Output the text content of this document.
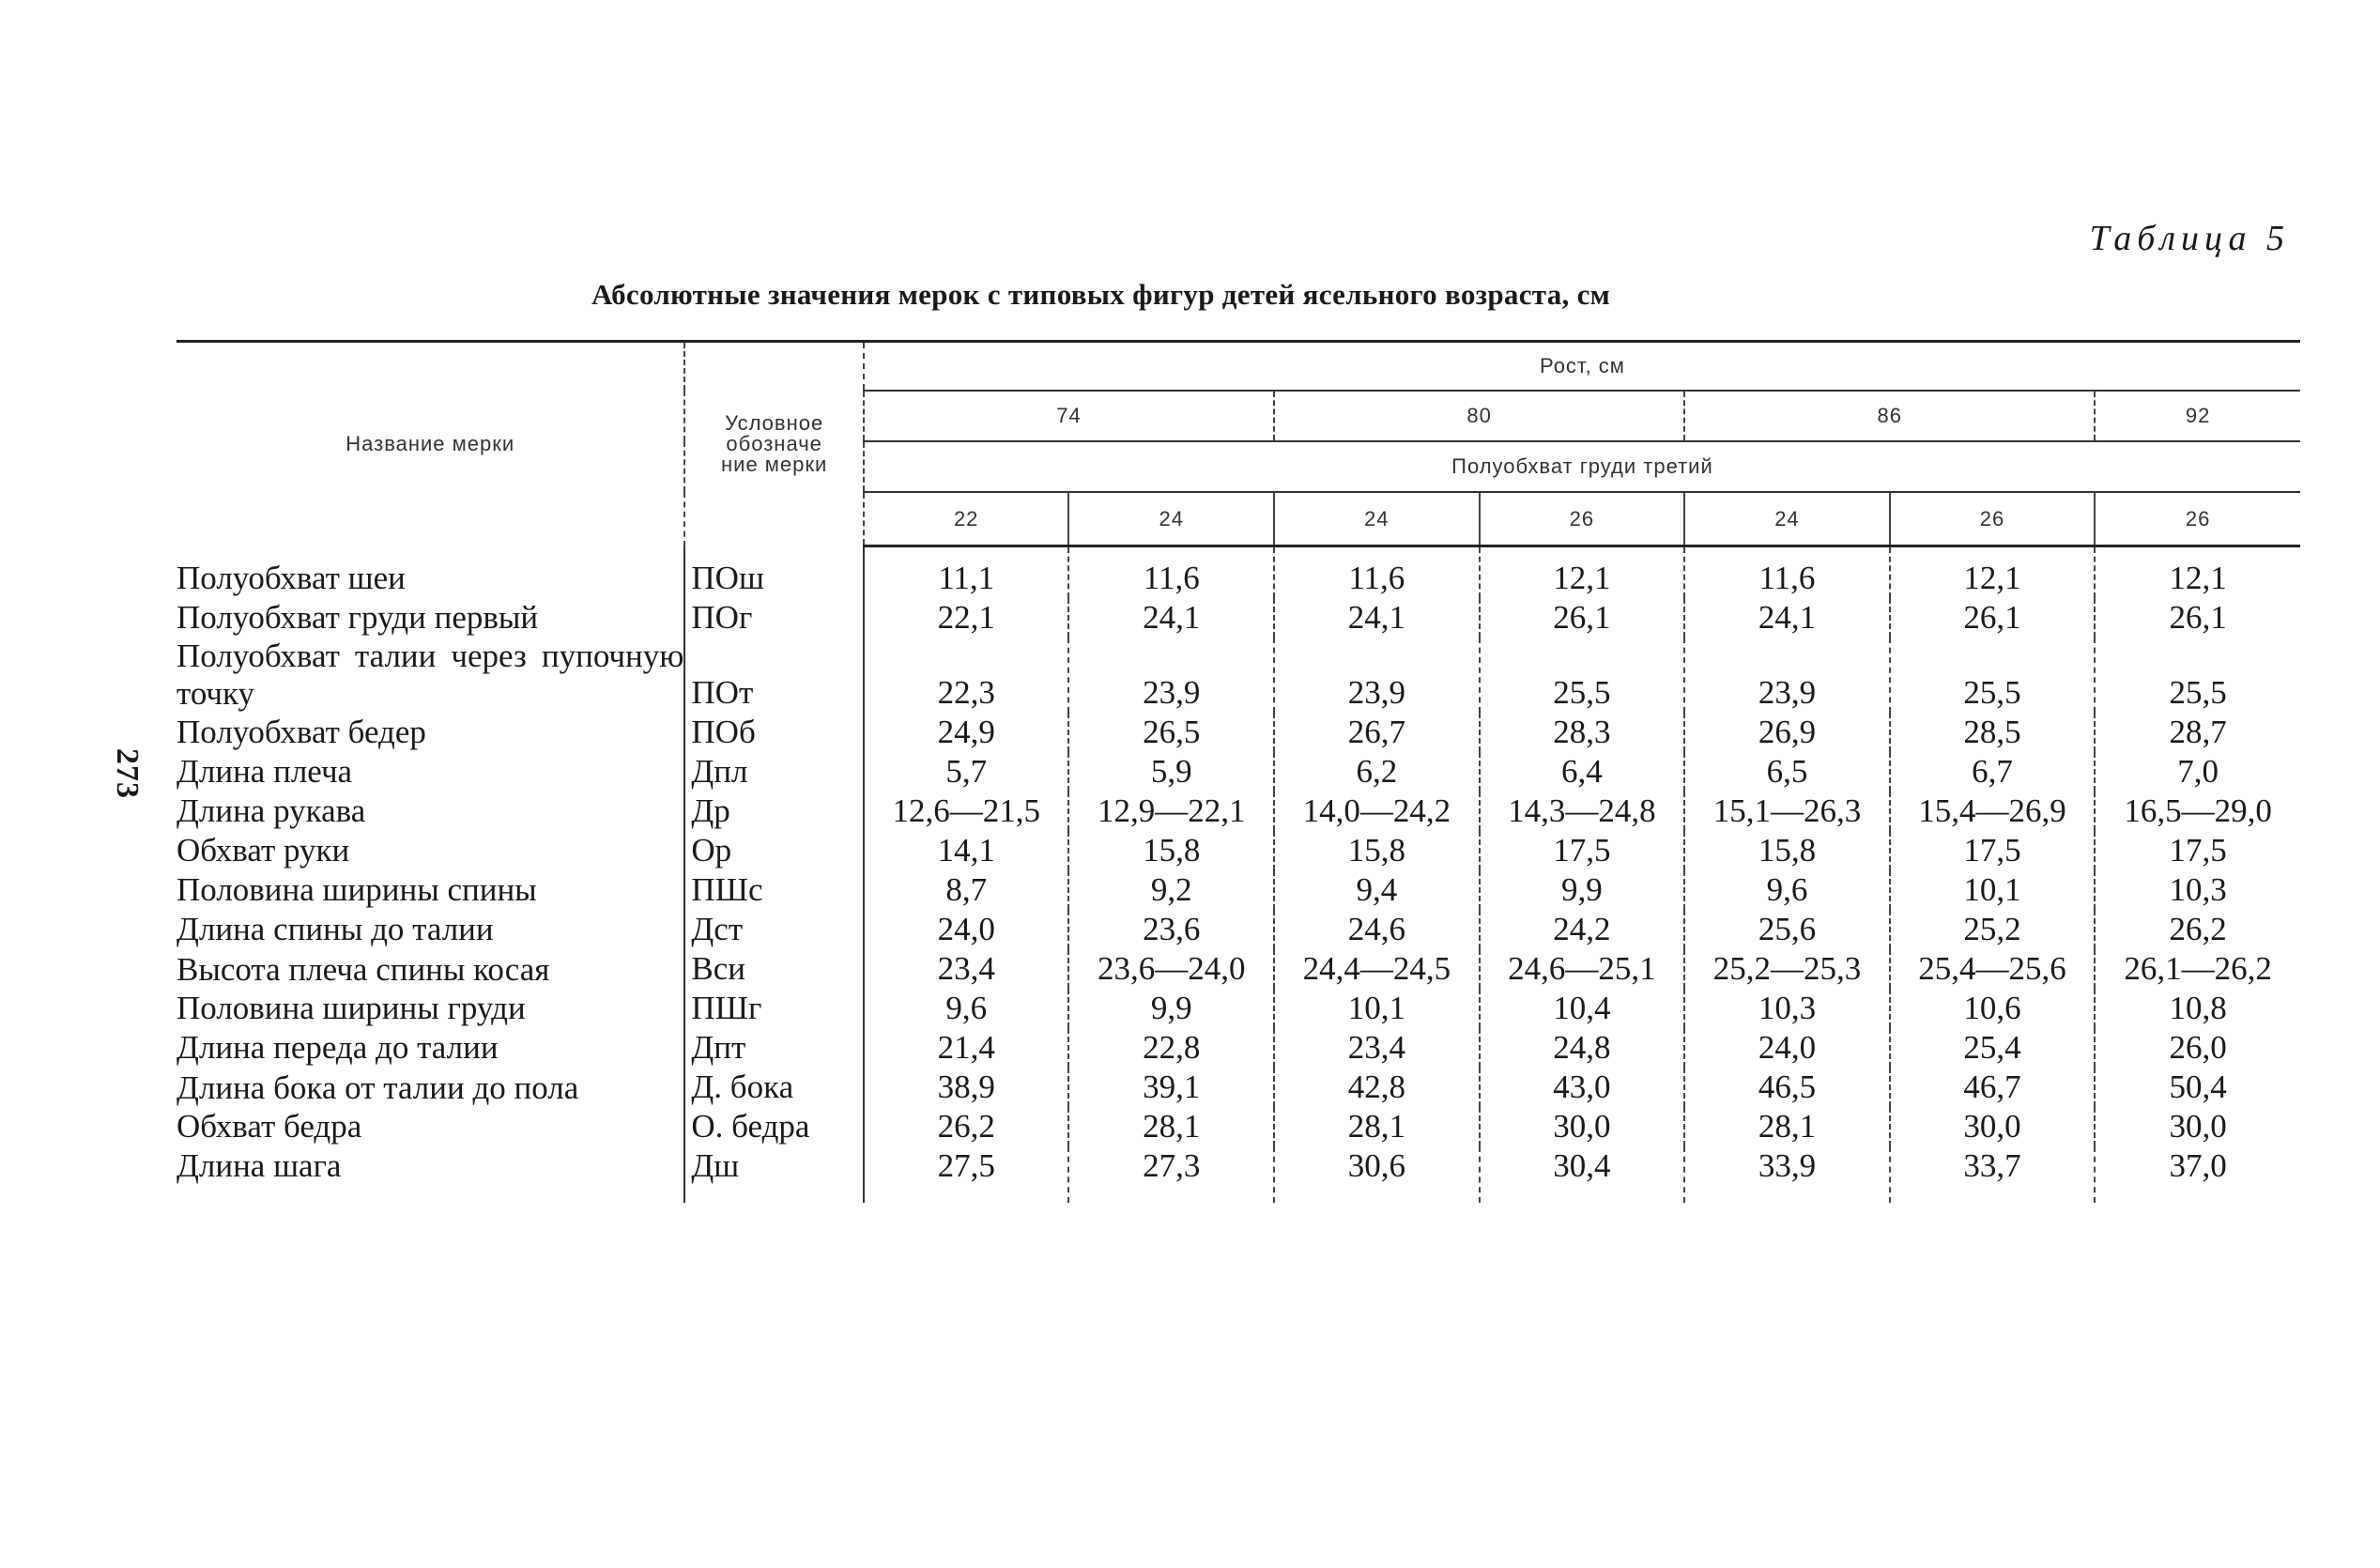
273
Таблица 5
Абсолютные значения мерок с типовых фигур детей ясельного возраста, см
Название мерки	Условное
обозначе
ние мерки	Рост, см						
		74		80		86		92
		Полуобхват груди третий						
		22	24	24	26	24	26	26
Полуобхват шеи	ПОш	11,1	11,6	11,6	12,1	11,6	12,1	12,1
Полуобхват груди первый	ПОг	22,1	24,1	24,1	26,1	24,1	26,1	26,1
Полуобхват талии через пупочную точку	ПОт	22,3	23,9	23,9	25,5	23,9	25,5	25,5
Полуобхват бедер	ПОб	24,9	26,5	26,7	28,3	26,9	28,5	28,7
Длина плеча	Дпл	5,7	5,9	6,2	6,4	6,5	6,7	7,0
Длина рукава	Др	12,6—21,5	12,9—22,1	14,0—24,2	14,3—24,8	15,1—26,3	15,4—26,9	16,5—29,0
Обхват руки	Ор	14,1	15,8	15,8	17,5	15,8	17,5	17,5
Половина ширины спины	ПШс	8,7	9,2	9,4	9,9	9,6	10,1	10,3
Длина спины до талии	Дст	24,0	23,6	24,6	24,2	25,6	25,2	26,2
Высота плеча спины косая	Вси	23,4	23,6—24,0	24,4—24,5	24,6—25,1	25,2—25,3	25,4—25,6	26,1—26,2
Половина ширины груди	ПШг	9,6	9,9	10,1	10,4	10,3	10,6	10,8
Длина переда до талии	Дпт	21,4	22,8	23,4	24,8	24,0	25,4	26,0
Длина бока от талии до пола	Д. бока	38,9	39,1	42,8	43,0	46,5	46,7	50,4
Обхват бедра	О. бедра	26,2	28,1	28,1	30,0	28,1	30,0	30,0
Длина шага	Дш	27,5	27,3	30,6	30,4	33,9	33,7	37,0
